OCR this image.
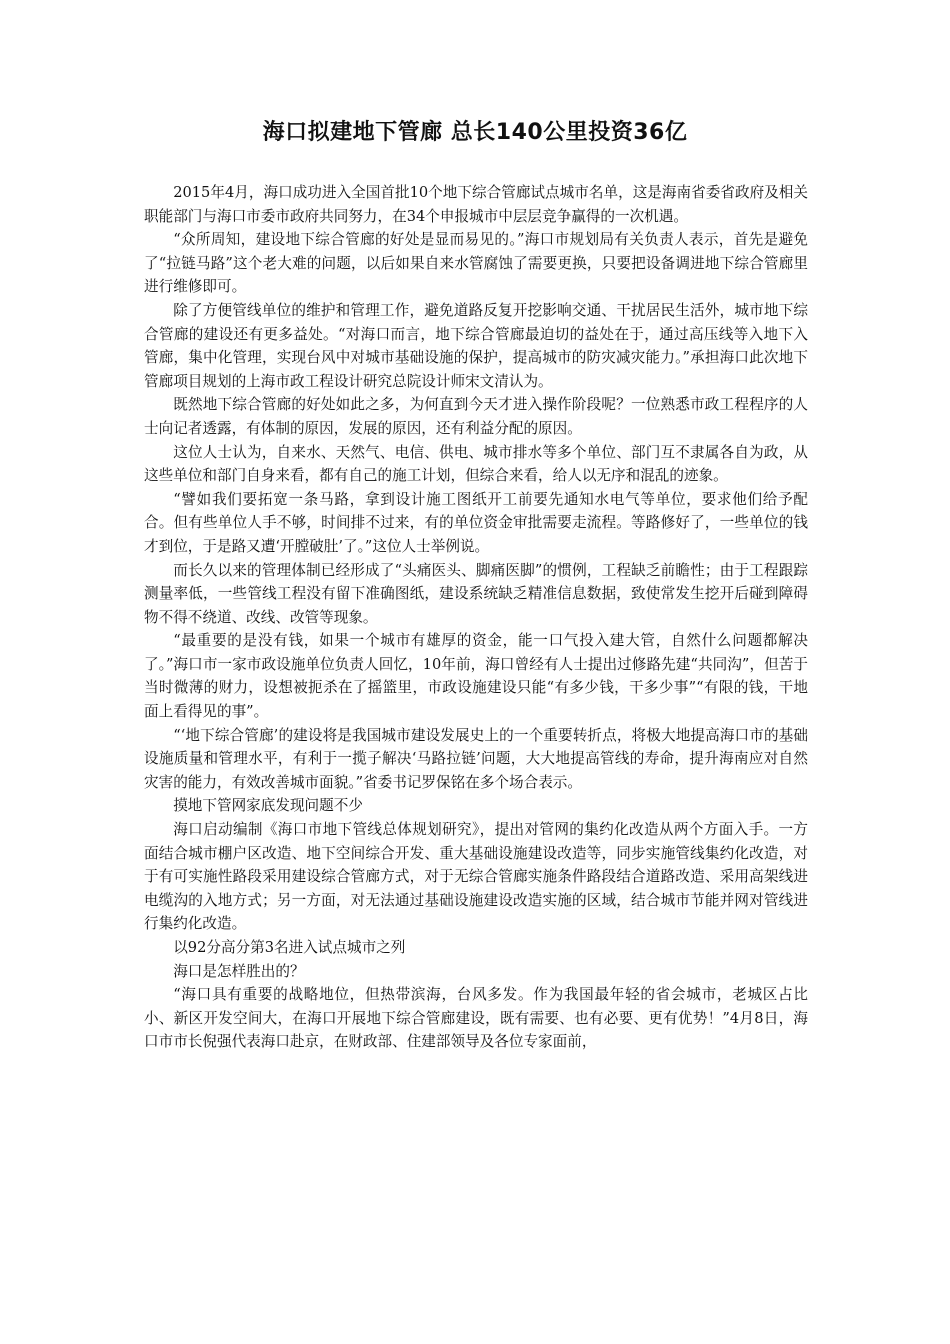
海口拟建地下管廊 总长140公里投资36亿

2015年4月，海口成功进入全国首批10个地下综合管廊试点城市名单，这是海南省委省政府及相关职能部门与海口市委市政府共同努力，在34个申报城市中层层竞争赢得的一次机遇。

“众所周知，建设地下综合管廊的好处是显而易见的。”海口市规划局有关负责人表示，首先是避免了“拉链马路”这个老大难的问题，以后如果自来水管腐蚀了需要更换，只要把设备调进地下综合管廊里进行维修即可。

除了方便管线单位的维护和管理工作，避免道路反复开挖影响交通、干扰居民生活外，城市地下综合管廊的建设还有更多益处。“对海口而言，地下综合管廊最迫切的益处在于，通过高压线等入地下入管廊，集中化管理，实现台风中对城市基础设施的保护，提高城市的防灾减灾能力。”承担海口此次地下管廊项目规划的上海市政工程设计研究总院设计师宋文清认为。

既然地下综合管廊的好处如此之多，为何直到今天才进入操作阶段呢？一位熟悉市政工程程序的人士向记者透露，有体制的原因，发展的原因，还有利益分配的原因。

这位人士认为，自来水、天然气、电信、供电、城市排水等多个单位、部门互不隶属各自为政，从这些单位和部门自身来看，都有自己的施工计划，但综合来看，给人以无序和混乱的迹象。

“譬如我们要拓宽一条马路，拿到设计施工图纸开工前要先通知水电气等单位，要求他们给予配合。但有些单位人手不够，时间排不过来，有的单位资金审批需要走流程。等路修好了，一些单位的钱才到位，于是路又遭‘开膛破肚’了。”这位人士举例说。

而长久以来的管理体制已经形成了“头痛医头、脚痛医脚”的惯例，工程缺乏前瞻性；由于工程跟踪测量率低，一些管线工程没有留下准确图纸，建设系统缺乏精准信息数据，致使常发生挖开后碰到障碍物不得不绕道、改线、改管等现象。

“最重要的是没有钱，如果一个城市有雄厚的资金，能一口气投入建大管，自然什么问题都解决了。”海口市一家市政设施单位负责人回忆，10年前，海口曾经有人士提出过修路先建“共同沟”，但苦于当时微薄的财力，设想被扼杀在了摇篮里，市政设施建设只能“有多少钱，干多少事”“有限的钱，干地面上看得见的事”。

“‘地下综合管廊’的建设将是我国城市建设发展史上的一个重要转折点，将极大地提高海口市的基础设施质量和管理水平，有利于一揽子解决‘马路拉链’问题，大大地提高管线的寿命，提升海南应对自然灾害的能力，有效改善城市面貌。”省委书记罗保铭在多个场合表示。

摸地下管网家底发现问题不少

海口启动编制《海口市地下管线总体规划研究》，提出对管网的集约化改造从两个方面入手。一方面结合城市棚户区改造、地下空间综合开发、重大基础设施建设改造等，同步实施管线集约化改造，对于有可实施性路段采用建设综合管廊方式，对于无综合管廊实施条件路段结合道路改造、采用高架线进电缆沟的入地方式；另一方面，对无法通过基础设施建设改造实施的区域，结合城市节能并网对管线进行集约化改造。

以92分高分第3名进入试点城市之列

海口是怎样胜出的？

“海口具有重要的战略地位，但热带滨海，台风多发。作为我国最年轻的省会城市，老城区占比小、新区开发空间大，在海口开展地下综合管廊建设，既有需要、也有必要、更有优势！”4月8日，海口市市长倪强代表海口赴京，在财政部、住建部领导及各位专家面前，
